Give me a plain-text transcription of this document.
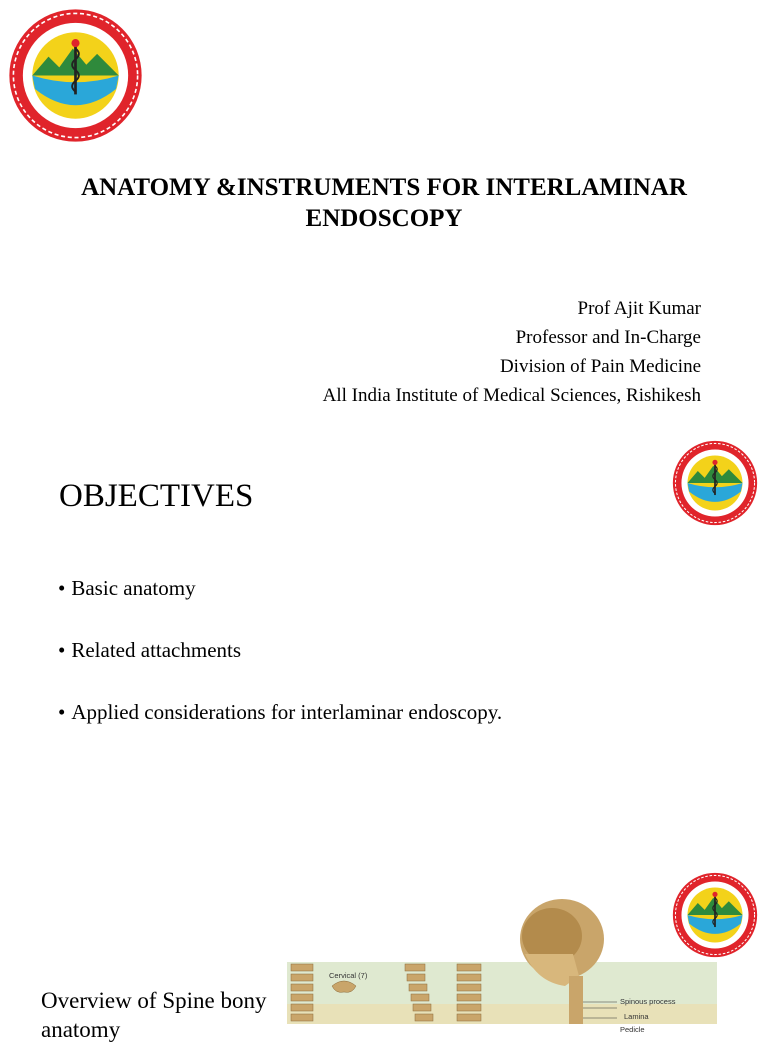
ANATOMY &INSTRUMENTS FOR INTERLAMINAR ENDOSCOPY
Prof Ajit Kumar
Professor and In-Charge
Division of Pain Medicine
All India Institute of Medical Sciences, Rishikesh
OBJECTIVES
• Basic anatomy
• Related attachments
• Applied considerations for interlaminar endoscopy.
Overview of Spine bony anatomy
Cervical (7)
Spinous process
Lamina
Pedicle
